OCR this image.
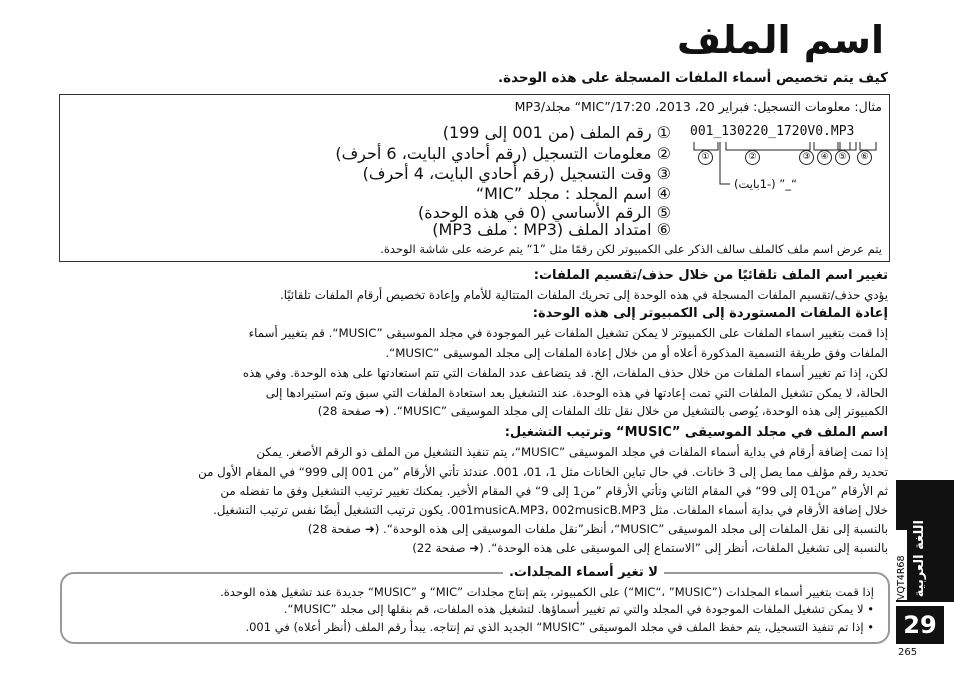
اسم الملف
كيف يتم تخصيص أسماء الملفات المسجلة على هذه الوحدة.
مثال: معلومات التسجيل: فبراير 20، 2013، 17:20/”MIC“ مجلد/MP3
001_130220_1720V0.MP3
①	②	③	④	⑤	⑥
“_” (-1بايت)
① رقم الملف (من 001 إلى 199)
② معلومات التسجيل (رقم أحادي البايت، 6 أحرف)
③ وقت التسجيل (رقم أحادي البايت، 4 أحرف)
④ اسم المجلد : مجلد ”MIC“
⑤ الرقم الأساسي (0 في هذه الوحدة)
⑥ امتداد الملف (MP3 : ملف MP3)
يتم عرض اسم ملف كالملف سالف الذكر على الكمبيوتر لكن رقمًا مثل ”1“ يتم عرضه على شاشة الوحدة.
تغيير اسم الملف تلقائيًا من خلال حذف/تقسيم الملفات:
يؤدي حذف/تقسيم الملفات المسجلة في هذه الوحدة إلى تحريك الملفات المتتالية للأمام وإعادة تخصيص أرقام الملفات تلقائيًا.
إعادة الملفات المستوردة إلى الكمبيوتر إلى هذه الوحدة:
إذا قمت بتغيير اسماء الملفات على الكمبيوتر لا يمكن تشغيل الملفات غير الموجودة في مجلد الموسيقى ”MUSIC“. قم بتغيير أسماء
الملفات وفق طريقة التسمية المذكورة أعلاه أو من خلال إعادة الملفات إلى مجلد الموسيقى ”MUSIC“.
لكن، إذا تم تغيير أسماء الملفات من خلال حذف الملفات، الخ. قد يتضاعف عدد الملفات التي تتم استعادتها على هذه الوحدة. وفي هذه
الحالة، لا يمكن تشغيل الملفات التي تمت إعادتها في هذه الوحدة. عند التشغيل بعد استعادة الملفات التي سبق وتم استيرادها إلى
الكمبيوتر إلى هذه الوحدة، يُوصى بالتشغيل من خلال نقل تلك الملفات إلى مجلد الموسيقى ”MUSIC“. (➜ صفحة 28)
اسم الملف في مجلد الموسيقى ”MUSIC“ وترتيب التشغيل:
إذا تمت إضافة أرقام في بداية أسماء الملفات في مجلد الموسيقى ”MUSIC“، يتم تنفيذ التشغيل من الملف ذو الرقم الأصغر. يمكن
تحديد رقم مؤلف مما يصل إلى 3 خانات. في حال تباين الخانات مثل 1، 01، 001. عندئذ تأتي الأرقام ”من 001 إلى 999“ في المقام الأول من
ثم الأرقام ”من01 إلى 99“ في المقام الثاني وتأتي الأرقام ”من1 إلى 9“ في المقام الأخير. يمكنك تغيير ترتيب التشغيل وفق ما تفضله من
خلال إضافة الأرقام في بداية أسماء الملفات. مثل 001musicA.MP3، 002musicB.MP3. يكون ترتيب التشغيل أيضًا نفس ترتيب التشغيل.
بالنسبة إلى نقل الملفات إلى مجلد الموسيقى ”MUSIC“، أنظر”نقل ملفات الموسيقى إلى هذه الوحدة“. (➜ صفحة 28)
بالنسبة إلى تشغيل الملفات، أنظر إلى ”الاستماع إلى الموسيقى على هذه الوحدة“. (➜ صفحة 22)
لا تغير أسماء المجلدات.
إذا قمت بتغيير أسماء المجلدات (”MIC“، ”MUSIC“) على الكمبيوتر، يتم إنتاج مجلدات ”MIC“ و ”MUSIC“ جديدة عند تشغيل هذه الوحدة.
• لا يمكن تشغيل الملفات الموجودة في المجلد والتي تم تغيير أسماؤها. لتشغيل هذه الملفات، قم بنقلها إلى مجلد ”MUSIC“.
• إذا تم تنفيذ التسجيل، يتم حفظ الملف في مجلد الموسيقى ”MUSIC“ الجديد الذي تم إنتاجه. يبدأ رقم الملف (أنظر أعلاه) في 001.
اللغة العربية
VQT4R68
29
265
